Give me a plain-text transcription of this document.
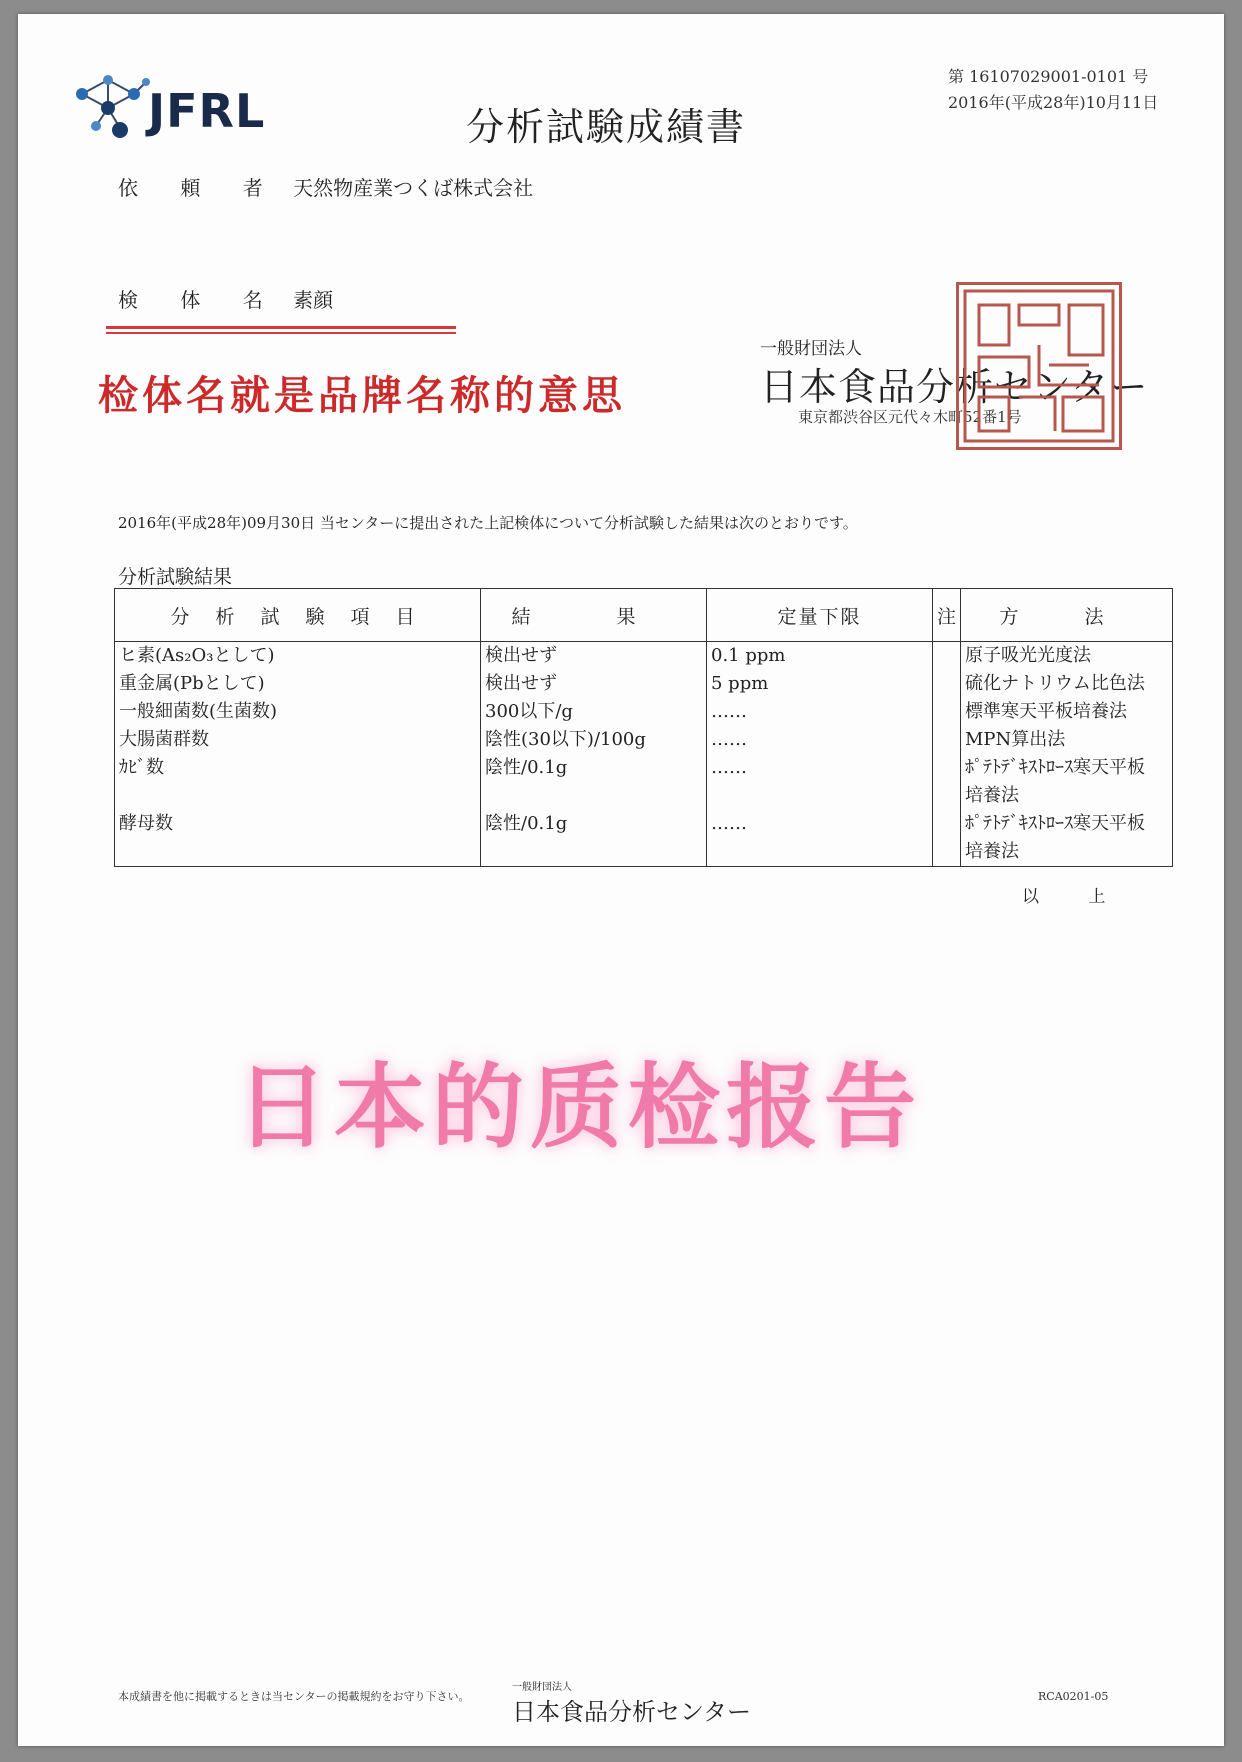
JFRL	分析試験成績書
第 16107029001-0101 号
2016年(平成28年)10月11日
依 頼 者 天然物産業つくば株式会社
検 体 名 素顔
检体名就是品牌名称的意思
一般財団法人
日本食品分析センター
東京都渋谷区元代々木町52番1号
2016年(平成28年)09月30日 当センターに提出された上記検体について分析試験した結果は次のとおりです。
分析試験結果
分 析 試 験 項 目	結 果	定量下限	注	方 法
ヒ素(As₂O₃として)	検出せず	0.1 ppm		原子吸光光度法
重金属(Pbとして)	検出せず	5 ppm		硫化ナトリウム比色法
一般細菌数(生菌数)	300以下/g	……		標準寒天平板培養法
大腸菌群数	陰性(30以下)/100g	……		MPN算出法
ｶﾋﾞ数	陰性/0.1g	……		ﾎﾟﾃﾄﾃﾞｷｽﾄﾛｰｽ寒天平板
				培養法
酵母数	陰性/0.1g	……		ﾎﾟﾃﾄﾃﾞｷｽﾄﾛｰｽ寒天平板
				培養法
以 上
日本的质检报告
本成績書を他に掲載するときは当センターの掲載規約をお守り下さい。
一般財団法人
日本食品分析センター
RCA0201-05
